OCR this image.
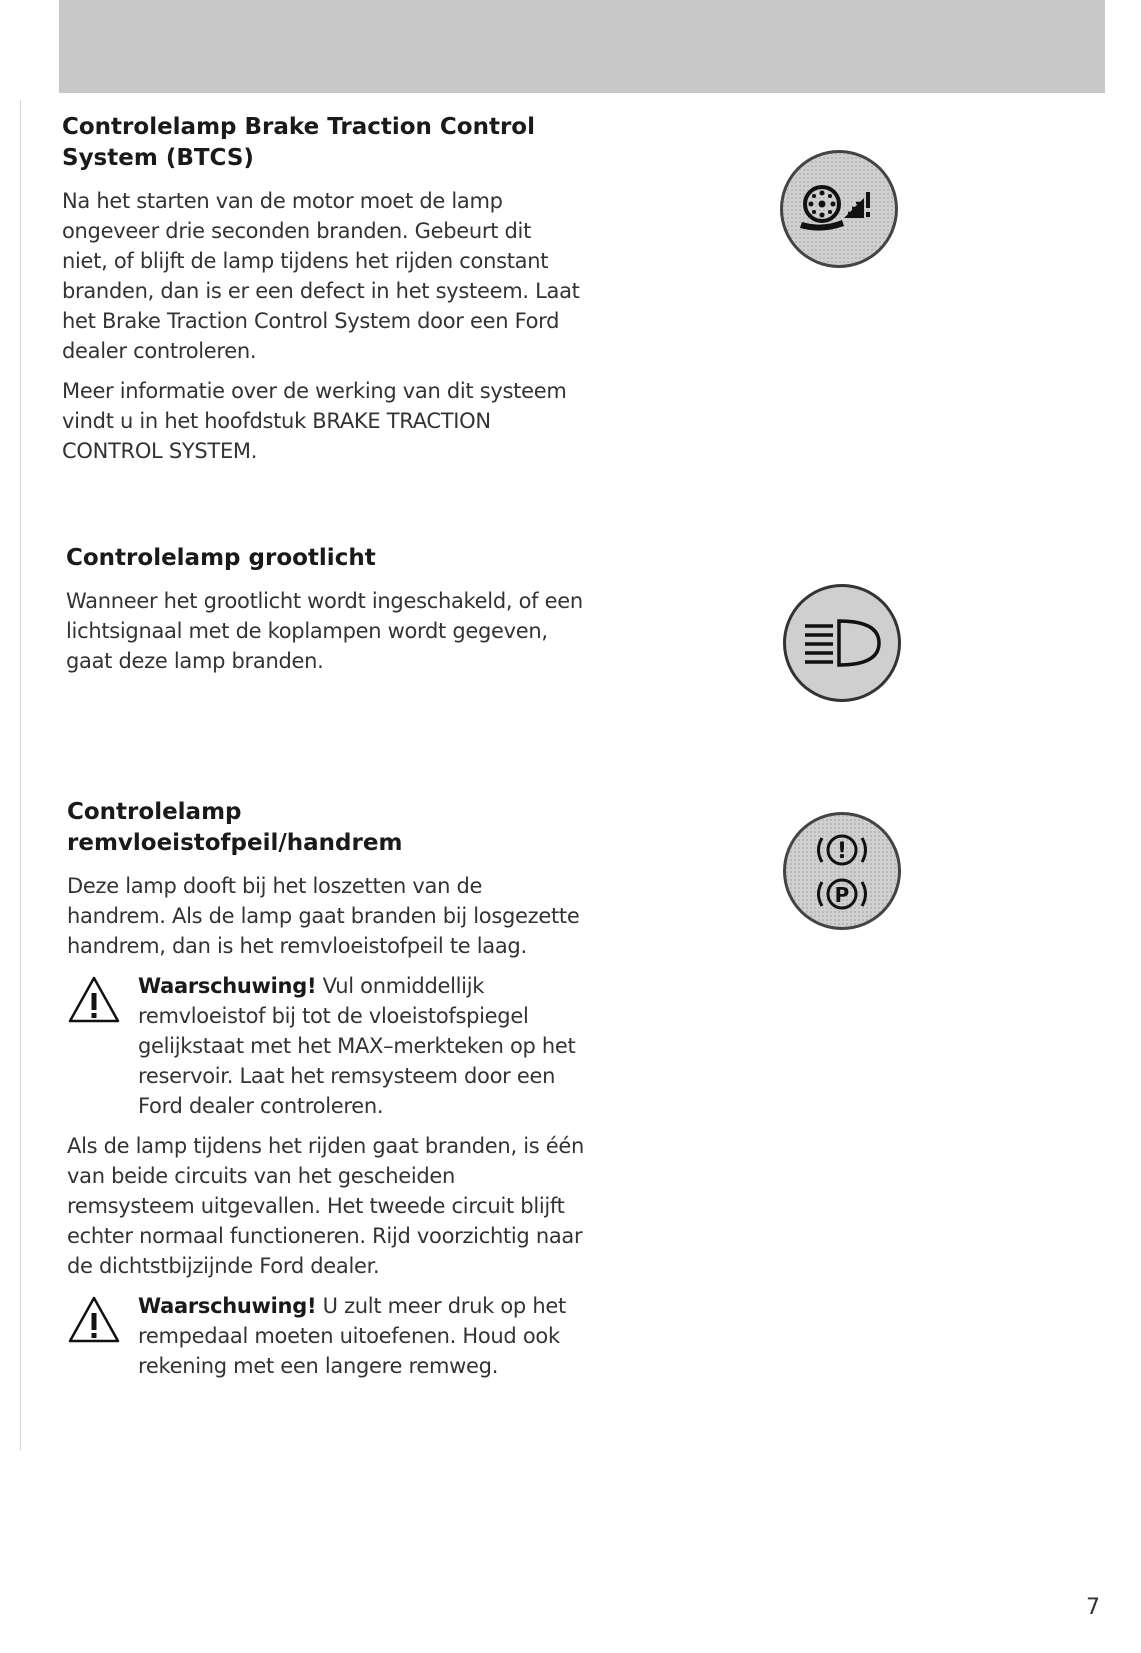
Controlelamp Brake Traction Control System (BTCS)

Na het starten van de motor moet de lamp ongeveer drie seconden branden. Gebeurt dit niet, of blijft de lamp tijdens het rijden constant branden, dan is er een defect in het systeem. Laat het Brake Traction Control System door een Ford dealer controleren.

Meer informatie over de werking van dit systeem vindt u in het hoofdstuk BRAKE TRACTION CONTROL SYSTEM.

Controlelamp grootlicht

Wanneer het grootlicht wordt ingeschakeld, of een lichtsignaal met de koplampen wordt gegeven, gaat deze lamp branden.

Controlelamp remvloeistofpeil/handrem

Deze lamp dooft bij het loszetten van de handrem. Als de lamp gaat branden bij losgezette handrem, dan is het remvloeistofpeil te laag.

Waarschuwing! Vul onmiddellijk remvloeistof bij tot de vloeistofspiegel gelijkstaat met het MAX–merkteken op het reservoir. Laat het remsysteem door een Ford dealer controleren.

Als de lamp tijdens het rijden gaat branden, is één van beide circuits van het gescheiden remsysteem uitgevallen. Het tweede circuit blijft echter normaal functioneren. Rijd voorzichtig naar de dichtstbijzijnde Ford dealer.

Waarschuwing! U zult meer druk op het rempedaal moeten uitoefenen. Houd ook rekening met een langere remweg.
!
P
7
